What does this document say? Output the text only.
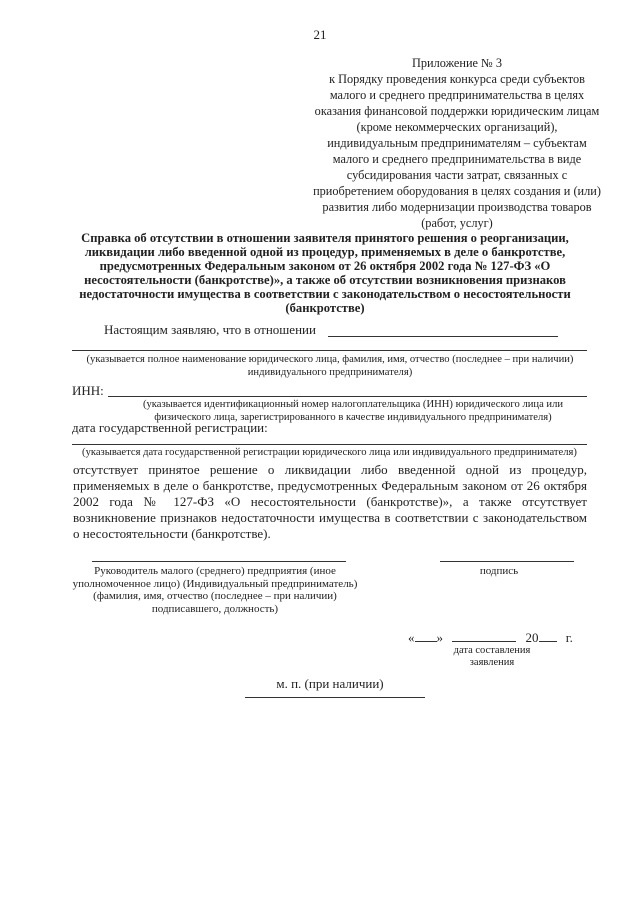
21
Приложение № 3
к Порядку проведения конкурса среди субъектов малого и среднего предпринимательства в целях оказания финансовой поддержки юридическим лицам (кроме некоммерческих организаций), индивидуальным предпринимателям – субъектам малого и среднего предпринимательства в виде субсидирования части затрат, связанных с приобретением оборудования в целях создания и (или) развития либо модернизации производства товаров (работ, услуг)
Справка об отсутствии в отношении заявителя принятого решения о реорганизации, ликвидации либо введенной одной из процедур, применяемых в деле о банкротстве, предусмотренных Федеральным законом от 26 октября 2002 года № 127-ФЗ «О несостоятельности (банкротстве)», а также об отсутствии возникновения признаков недостаточности имущества в соответствии с законодательством о несостоятельности (банкротстве)
Настоящим заявляю, что в отношении
(указывается полное наименование юридического лица, фамилия, имя, отчество (последнее – при наличии) индивидуального предпринимателя)
ИНН:
(указывается идентификационный номер налогоплательщика (ИНН) юридического лица или физического лица, зарегистрированного в качестве индивидуального предпринимателя)
дата государственной регистрации:
(указывается дата государственной регистрации юридического лица или индивидуального предпринимателя)
отсутствует принятое решение о ликвидации либо введенной одной из процедур, применяемых в деле о банкротстве, предусмотренных Федеральным законом от 26 октября 2002 года № 127-ФЗ «О несостоятельности (банкротстве)», а также отсутствует возникновение признаков недостаточности имущества в соответствии с законодательством о несостоятельности (банкротстве).
Руководитель малого (среднего) предприятия (иное уполномоченное лицо) (Индивидуальный предприниматель) (фамилия, имя, отчество (последнее – при наличии) подписавшего, должность)
подпись
« »	20 г.
дата составления заявления
м. п. (при наличии)
